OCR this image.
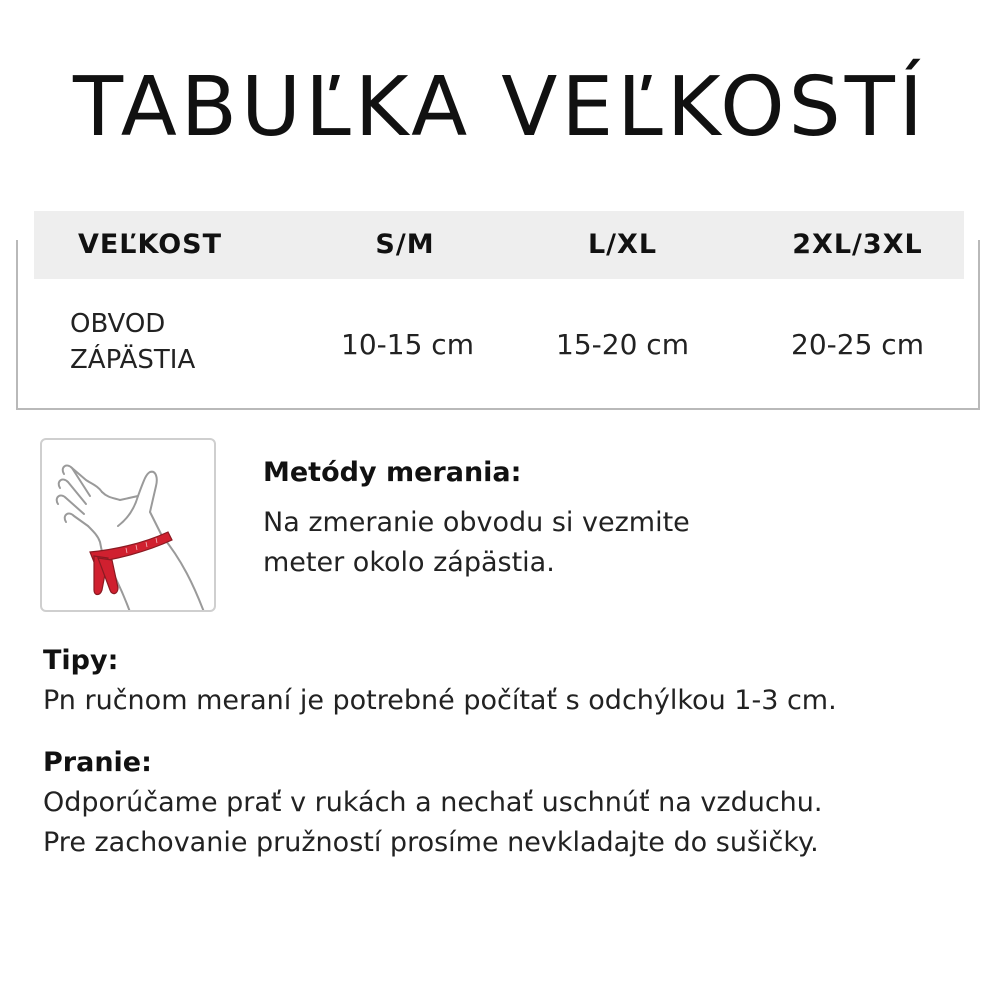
TABUĽKA VEĽKOSTÍ
VEĽKOST	S/M	L/XL	2XL/3XL
OBVOD
ZÁPÄSTIA	10-15 cm	15-20 cm	20-25 cm
Metódy merania:
Na zmeranie obvodu si vezmite
meter okolo zápästia.
Tipy:
Pn ručnom meraní je potrebné počítať s odchýlkou 1-3 cm.
Pranie:
Odporúčame prať v rukách a nechať uschnúť na vzduchu.
Pre zachovanie pružností prosíme nevkladajte do sušičky.
